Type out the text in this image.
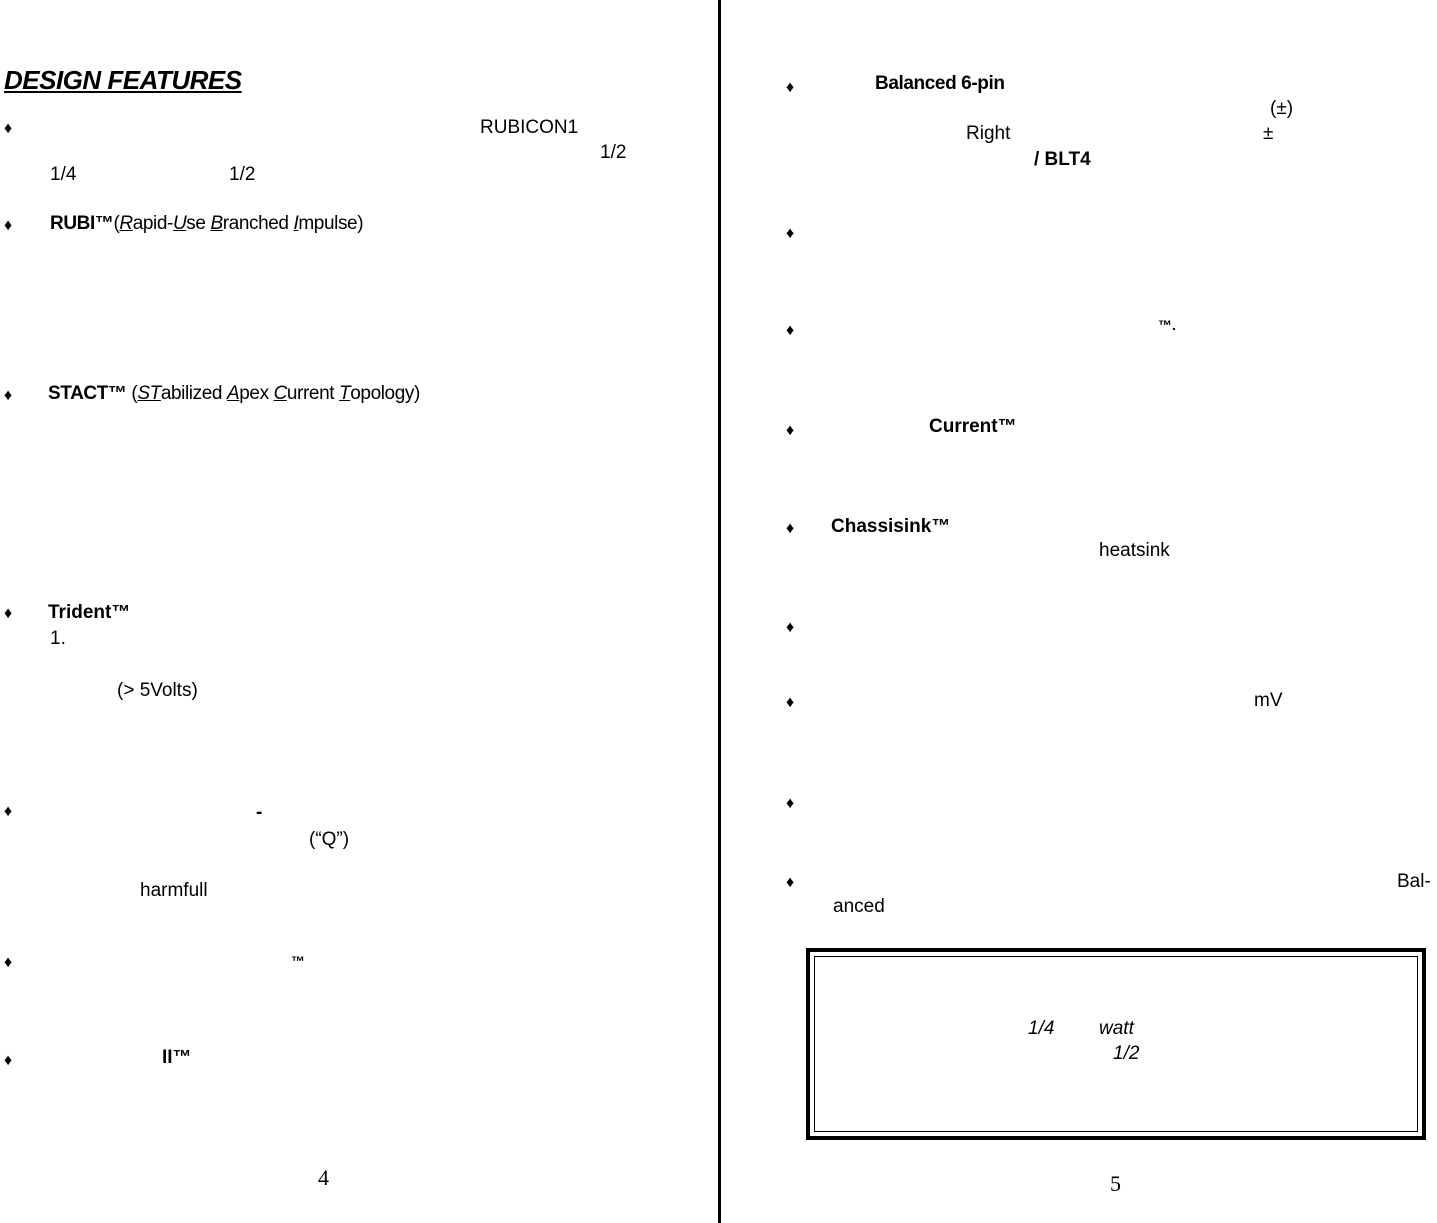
DESIGN FEATURES
♦	RUBICON1
1/2
1/4	1/2
♦ RUBI™(Rapid-Use Branched Impulse)
♦ STACT™ (STabilized Apex Current Topology)
♦ Trident™
1.
(> 5Volts)
♦	-
(“Q”)
harmfull
♦	™
♦	II™
4
♦	Balanced 6-pin
(±)
Right	±
/ BLT4
♦
♦	™.
♦	Current™
♦ Chassisink™
heatsink
♦
♦	mV
♦
♦	Bal-
anced
1/4 watt
1/2
5
